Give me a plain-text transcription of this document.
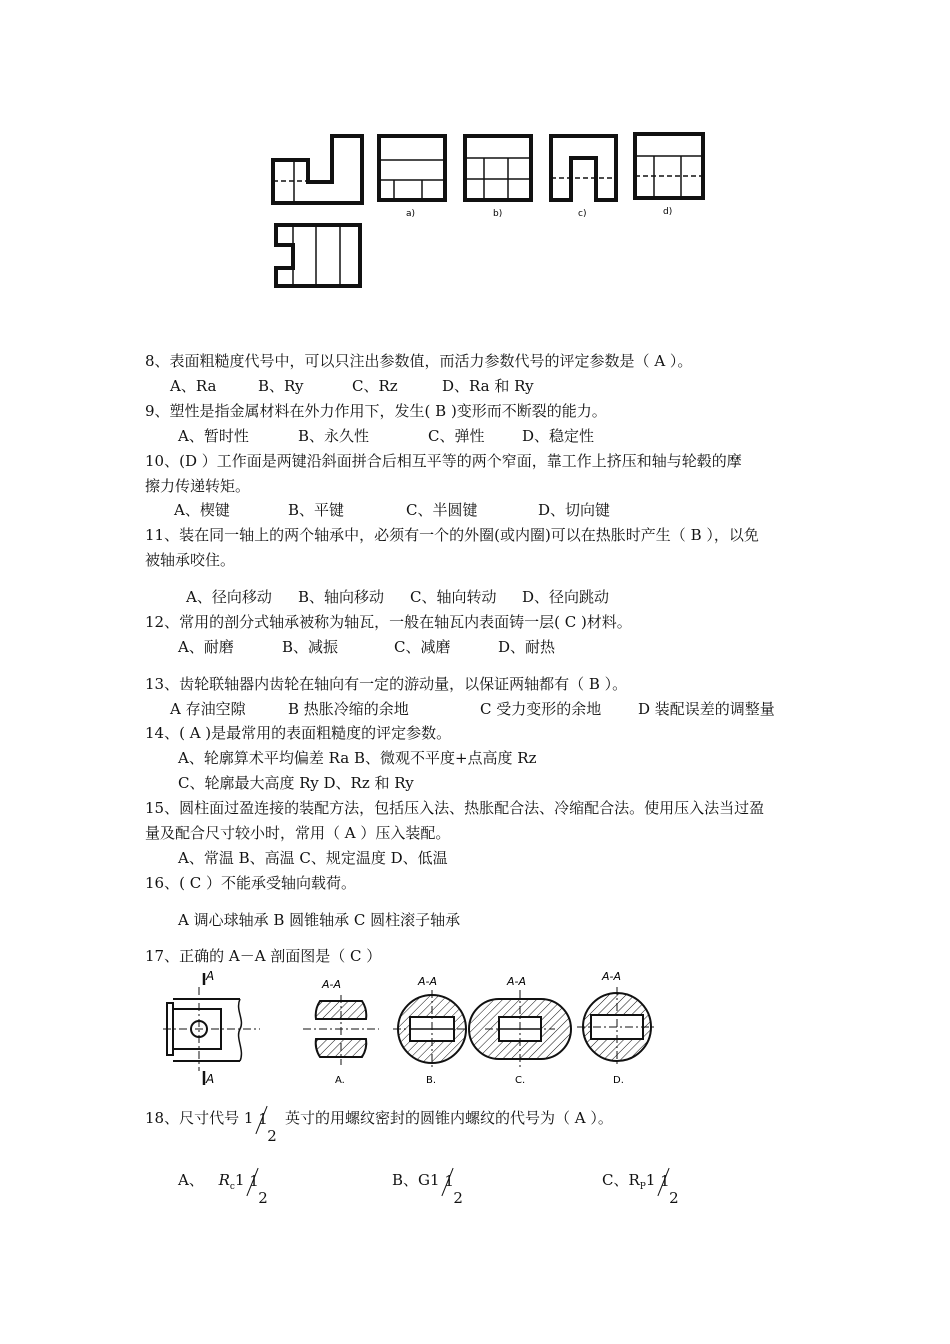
a)	b)	c)	d)
8、表面粗糙度代号中，可以只注出参数值，而活力参数代号的评定参数是（ A ）。
A、Ra	B、Ry	C、Rz	D、Ra 和 Ry
9、塑性是指金属材料在外力作用下，发生( B )变形而不断裂的能力。
A、暂时性	B、永久性	C、弹性	D、稳定性
10、(D ）工作面是两键沿斜面拼合后相互平等的两个窄面，靠工作上挤压和轴与轮毂的摩
擦力传递转矩。
A、楔键	B、平键	C、半圆键	D、切向键
11、装在同一轴上的两个轴承中，必须有一个的外圈(或内圈)可以在热胀时产生（ B ），以免
被轴承咬住。
A、径向移动 B、轴向移动 C、轴向转动 D、径向跳动
12、常用的剖分式轴承被称为轴瓦，一般在轴瓦内表面铸一层( C )材料。
A、耐磨	B、减振	C、减磨	D、耐热
13、齿轮联轴器内齿轮在轴向有一定的游动量，以保证两轴都有（ B ）。
A 存油空隙	B 热胀冷缩的余地	C 受力变形的余地 D 装配误差的调整量
14、( A )是最常用的表面粗糙度的评定参数。
A、轮廓算术平均偏差 Ra B、微观不平度+点高度 Rz
C、轮廓最大高度 Ry D、Rz 和 Ry
15、圆柱面过盈连接的装配方法，包括压入法、热胀配合法、冷缩配合法。使用压入法当过盈
量及配合尺寸较小时，常用（ A ）压入装配。
A、常温 B、高温 C、规定温度 D、低温
16、( C ）不能承受轴向载荷。
A 调心球轴承 B 圆锥轴承 C 圆柱滚子轴承
17、正确的 A－A 剖面图是（ C ）
A
A
A-A
A.
A-A
B.
A-A
C.
A-A
D.
18、尺寸代号 1 1
2
英寸的用螺纹密封的圆锥内螺纹的代号为（ A ）。
A、 $R_c1$ 1
2
B、G1 1
2
C、$R_P1$ 1
2
